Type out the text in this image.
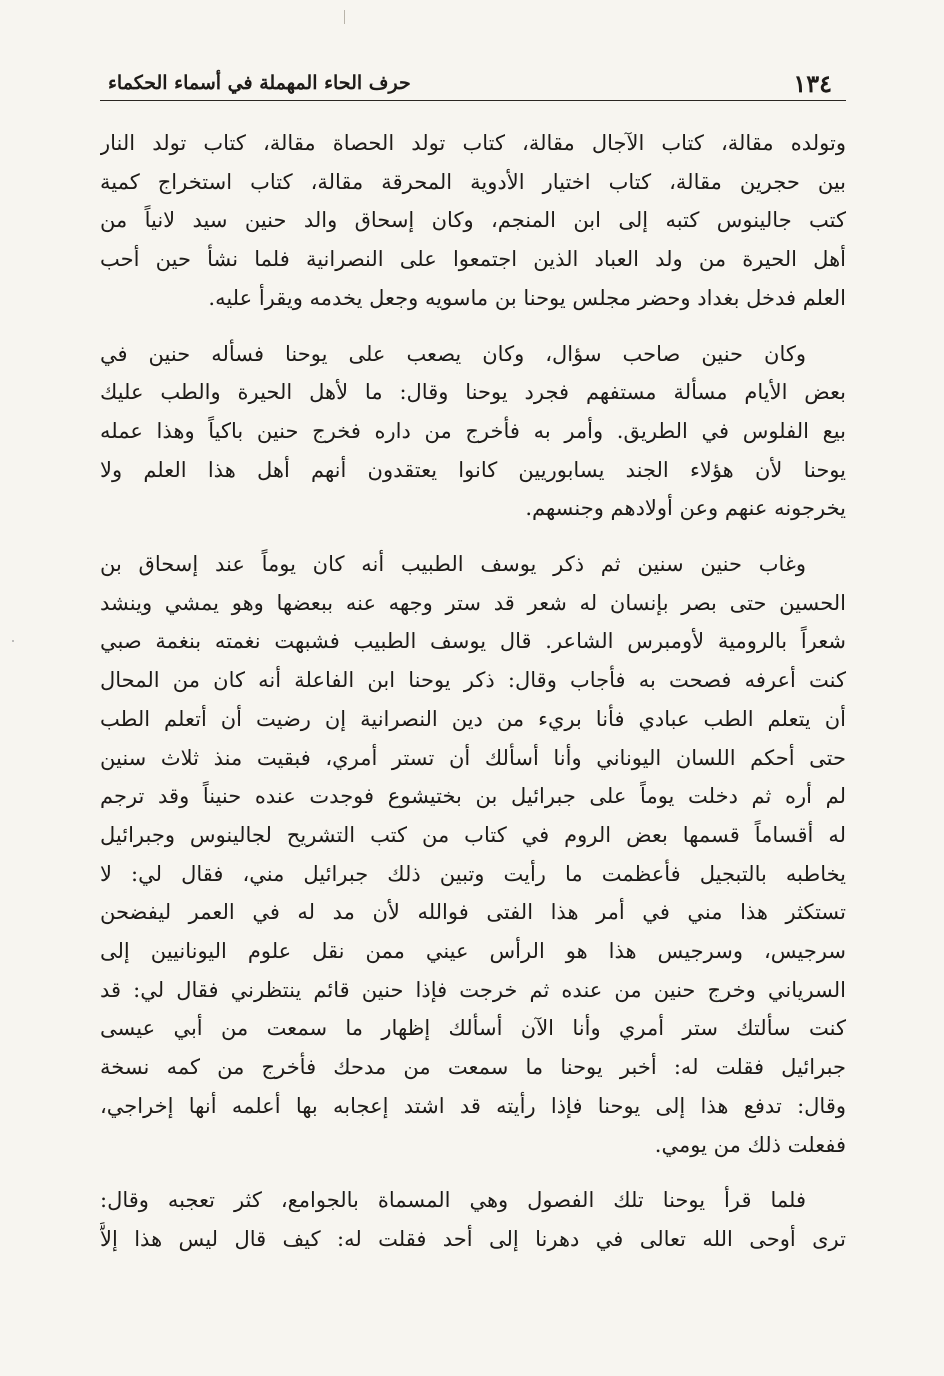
١٣٤
حرف الحاء المهملة في أسماء الحكماء
وتولده مقالة، كتاب الآجال مقالة، كتاب تولد الحصاة مقالة، كتاب تولد النار
بين حجرين مقالة، كتاب اختيار الأدوية المحرقة مقالة، كتاب استخراج كمية
كتب جالينوس كتبه إلى ابن المنجم، وكان إسحاق والد حنين سيد لانياً من
أهل الحيرة من ولد العباد الذين اجتمعوا على النصرانية فلما نشأ حين أحب
العلم فدخل بغداد وحضر مجلس يوحنا بن ماسويه وجعل يخدمه ويقرأ عليه.
وكان حنين صاحب سؤال، وكان يصعب على يوحنا فسأله حنين في
بعض الأيام مسألة مستفهم فجرد يوحنا وقال: ما لأهل الحيرة والطب عليك
بيع الفلوس في الطريق. وأمر به فأخرج من داره فخرج حنين باكياً وهذا عمله
يوحنا لأن هؤلاء الجند يسابوريين كانوا يعتقدون أنهم أهل هذا العلم ولا
يخرجونه عنهم وعن أولادهم وجنسهم.
وغاب حنين سنين ثم ذكر يوسف الطبيب أنه كان يوماً عند إسحاق بن
الحسين حتى بصر بإنسان له شعر قد ستر وجهه عنه ببعضها وهو يمشي وينشد
شعراً بالرومية لأومبرس الشاعر. قال يوسف الطبيب فشبهت نغمته بنغمة صبي
كنت أعرفه فصحت به فأجاب وقال: ذكر يوحنا ابن الفاعلة أنه كان من المحال
أن يتعلم الطب عبادي فأنا بريء من دين النصرانية إن رضيت أن أتعلم الطب
حتى أحكم اللسان اليوناني وأنا أسألك أن تستر أمري، فبقيت منذ ثلاث سنين
لم أره ثم دخلت يوماً على جبرائيل بن بختيشوع فوجدت عنده حنيناً وقد ترجم
له أقساماً قسمها بعض الروم في كتاب من كتب التشريح لجالينوس وجبرائيل
يخاطبه بالتبجيل فأعظمت ما رأيت وتبين ذلك جبرائيل مني، فقال لي: لا
تستكثر هذا مني في أمر هذا الفتى فوالله لأن مد له في العمر ليفضحن
سرجيس، وسرجيس هذا هو الرأس عيني ممن نقل علوم اليونانيين إلى
السرياني وخرج حنين من عنده ثم خرجت فإذا حنين قائم ينتظرني فقال لي: قد
كنت سألتك ستر أمري وأنا الآن أسألك إظهار ما سمعت من أبي عيسى
جبرائيل فقلت له: أخبر يوحنا ما سمعت من مدحك فأخرج من كمه نسخة
وقال: تدفع هذا إلى يوحنا فإذا رأيته قد اشتد إعجابه بها أعلمه أنها إخراجي،
ففعلت ذلك من يومي.
فلما قرأ يوحنا تلك الفصول وهي المسماة بالجوامع، كثر تعجبه وقال:
ترى أوحى الله تعالى في دهرنا إلى أحد فقلت له: كيف قال ليس هذا إلاَّ
